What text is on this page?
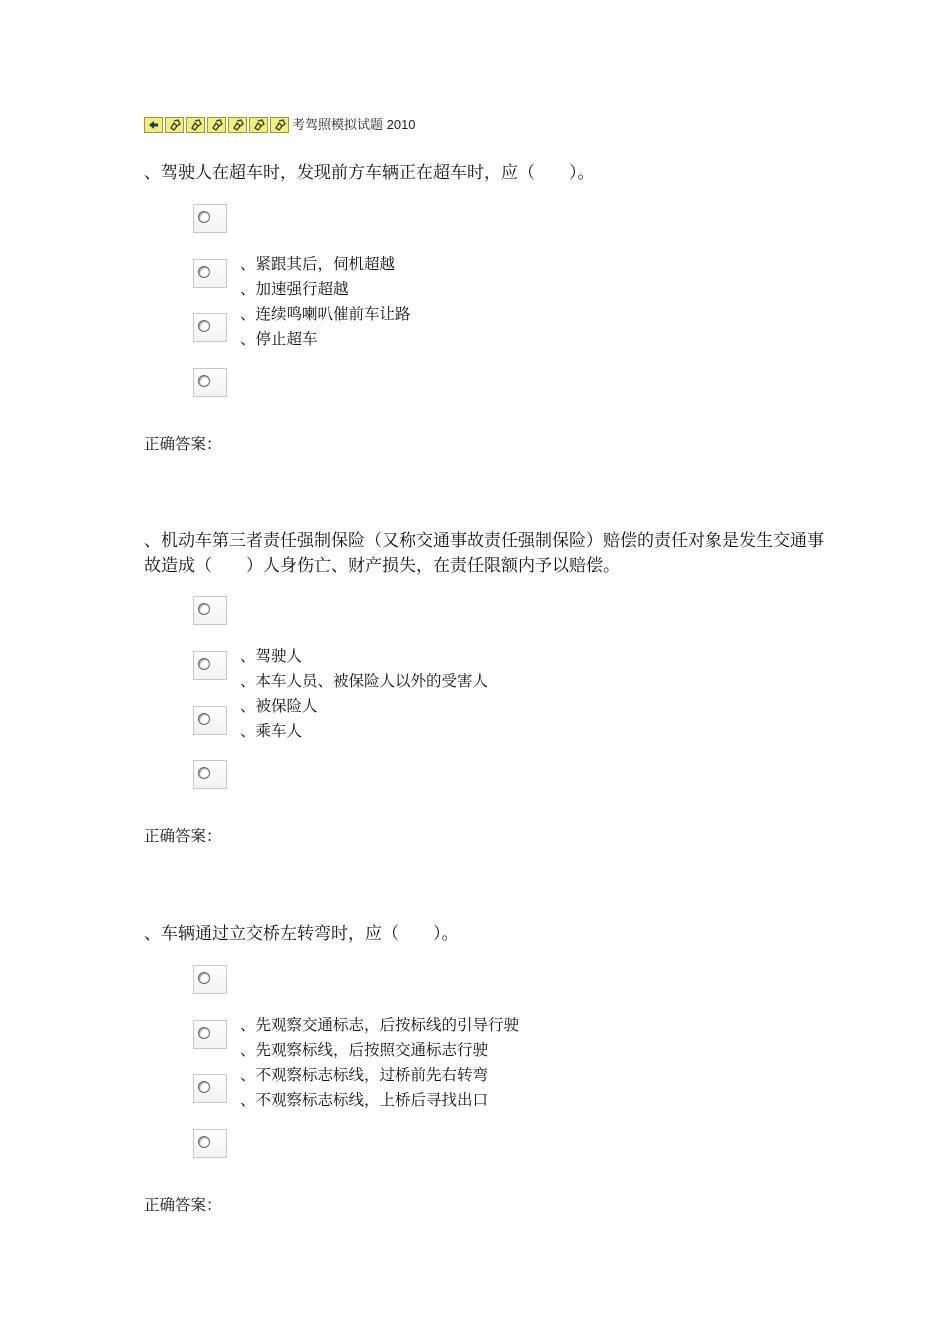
考驾照模拟试题 2010
、驾驶人在超车时，发现前方车辆正在超车时，应（　　）。
、紧跟其后，伺机超越
、加速强行超越
、连续鸣喇叭催前车让路
、停止超车
正确答案：
、机动车第三者责任强制保险（又称交通事故责任强制保险）赔偿的责任对象是发生交通事故造成（　　）人身伤亡、财产损失，在责任限额内予以赔偿。
、驾驶人
、本车人员、被保险人以外的受害人
、被保险人
、乘车人
正确答案：
、车辆通过立交桥左转弯时，应（　　）。
、先观察交通标志，后按标线的引导行驶
、先观察标线，后按照交通标志行驶
、不观察标志标线，过桥前先右转弯
、不观察标志标线，上桥后寻找出口
正确答案：
